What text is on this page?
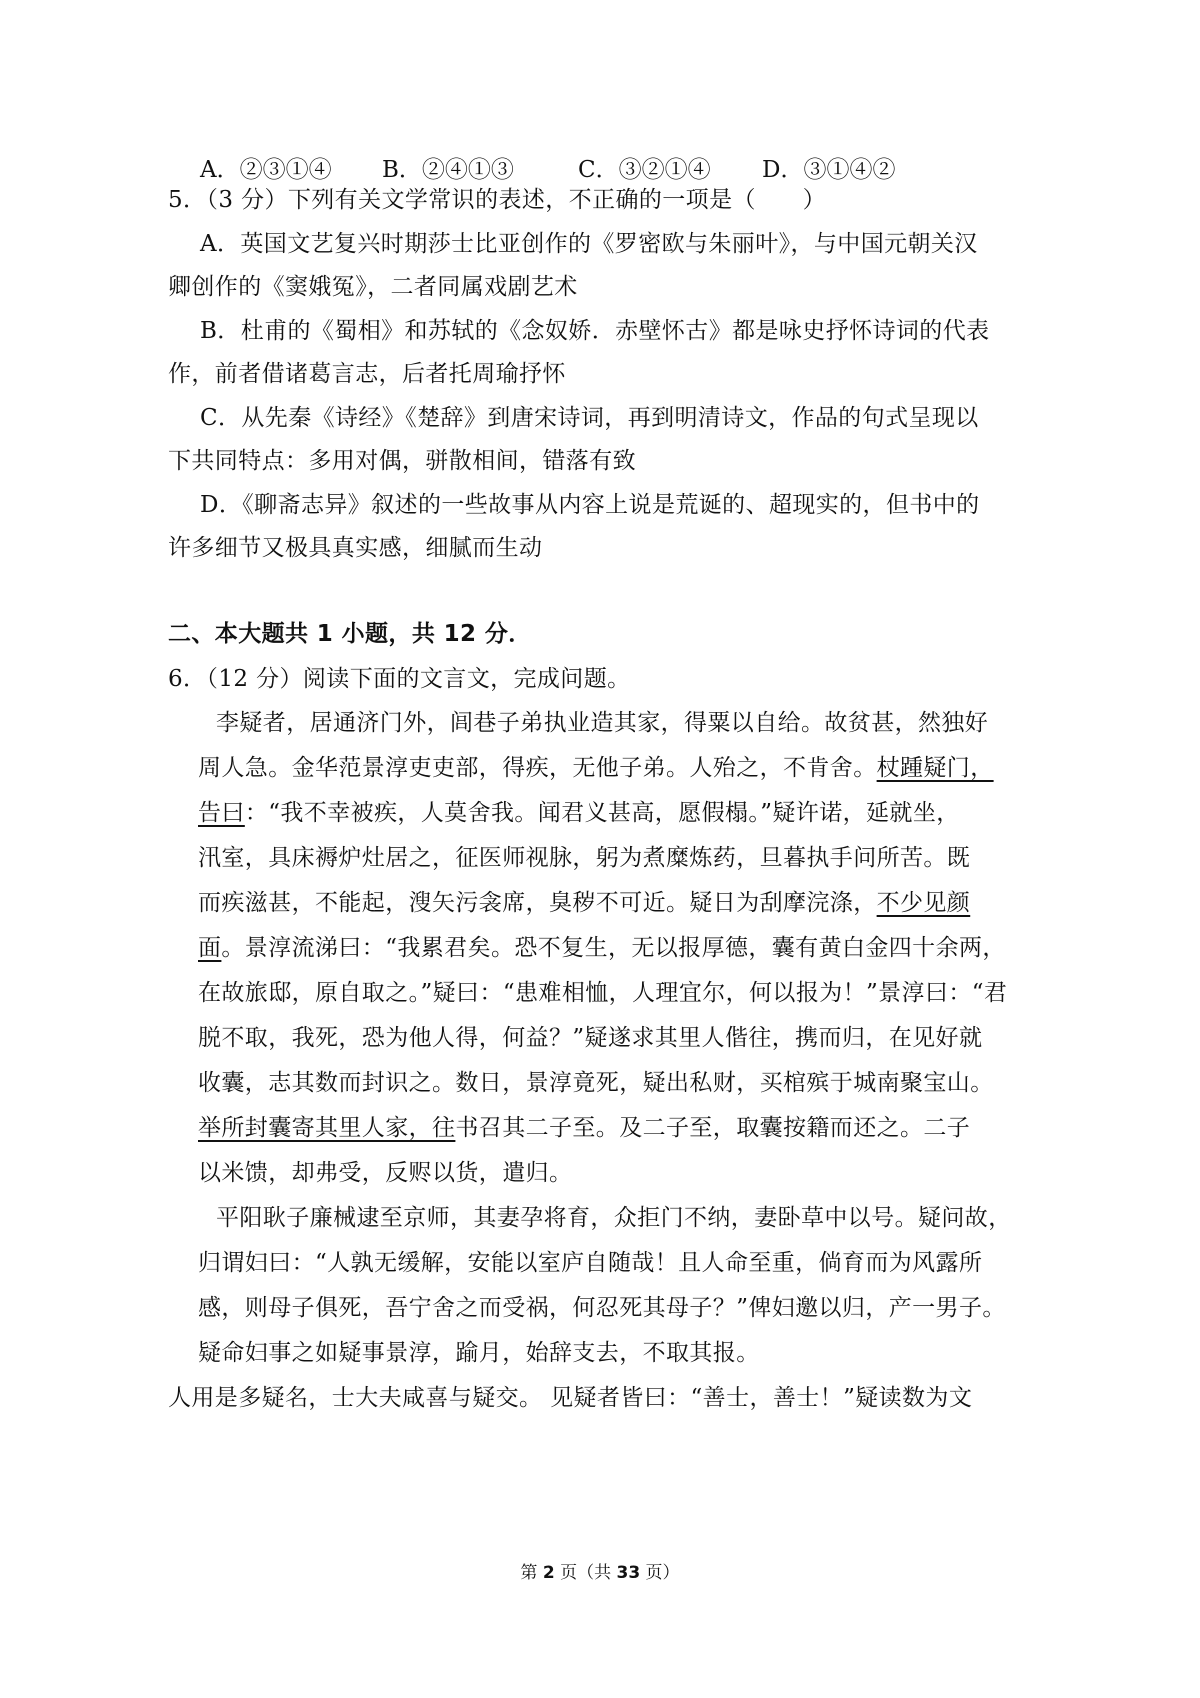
A．②③①④ B．②④①③	C．③②①④ D．③①④②
5．（3 分）下列有关文学常识的表述，不正确的一项是（　　）
A．英国文艺复兴时期莎士比亚创作的《罗密欧与朱丽叶》，与中国元朝关汉
卿创作的《窦娥冤》，二者同属戏剧艺术
B．杜甫的《蜀相》和苏轼的《念奴娇．赤壁怀古》都是咏史抒怀诗词的代表
作，前者借诸葛言志，后者托周瑜抒怀
C．从先秦《诗经》《楚辞》到唐宋诗词，再到明清诗文，作品的句式呈现以
下共同特点：多用对偶，骈散相间，错落有致
D．《聊斋志异》叙述的一些故事从内容上说是荒诞的、超现实的，但书中的
许多细节又极具真实感，细腻而生动
二、本大题共 1 小题，共 12 分．
6．（12 分）阅读下面的文言文，完成问题。
李疑者，居通济门外，闾巷子弟执业造其家，得粟以自给。故贫甚，然独好
周人急。金华范景淳吏吏部，得疾，无他子弟。人殆之，不肯舍。杖踵疑门，
告曰：“我不幸被疾，人莫舍我。闻君义甚高，愿假榻。”疑许诺，延就坐，
汛室，具床褥炉灶居之，征医师视脉，躬为煮糜炼药，旦暮执手问所苦。既
而疾滋甚，不能起，溲矢污衾席，臭秽不可近。疑日为刮摩浣涤，不少见颜
面。景淳流涕曰：“我累君矣。恐不复生，无以报厚德，囊有黄白金四十余两，
在故旅邸，原自取之。”疑曰：“患难相恤，人理宜尔，何以报为！”景淳曰：“君
脱不取，我死，恐为他人得，何益？”疑遂求其里人偕往，携而归，在见好就
收囊，志其数而封识之。数日，景淳竟死，疑出私财，买棺殡于城南聚宝山。
举所封囊寄其里人家，往书召其二子至。及二子至，取囊按籍而还之。二子
以米馈，却弗受，反赆以货，遣归。
平阳耿子廉械逮至京师，其妻孕将育，众拒门不纳，妻卧草中以号。疑问故，
归谓妇曰：“人孰无缓解，安能以室庐自随哉！且人命至重，倘育而为风露所
感，则母子俱死，吾宁舍之而受祸，何忍死其母子？”俾妇邀以归，产一男子。
疑命妇事之如疑事景淳，踰月，始辞支去，不取其报。
人用是多疑名，士大夫咸喜与疑交。 见疑者皆曰：“善士，善士！”疑读数为文
第 2 页（共 33 页）
